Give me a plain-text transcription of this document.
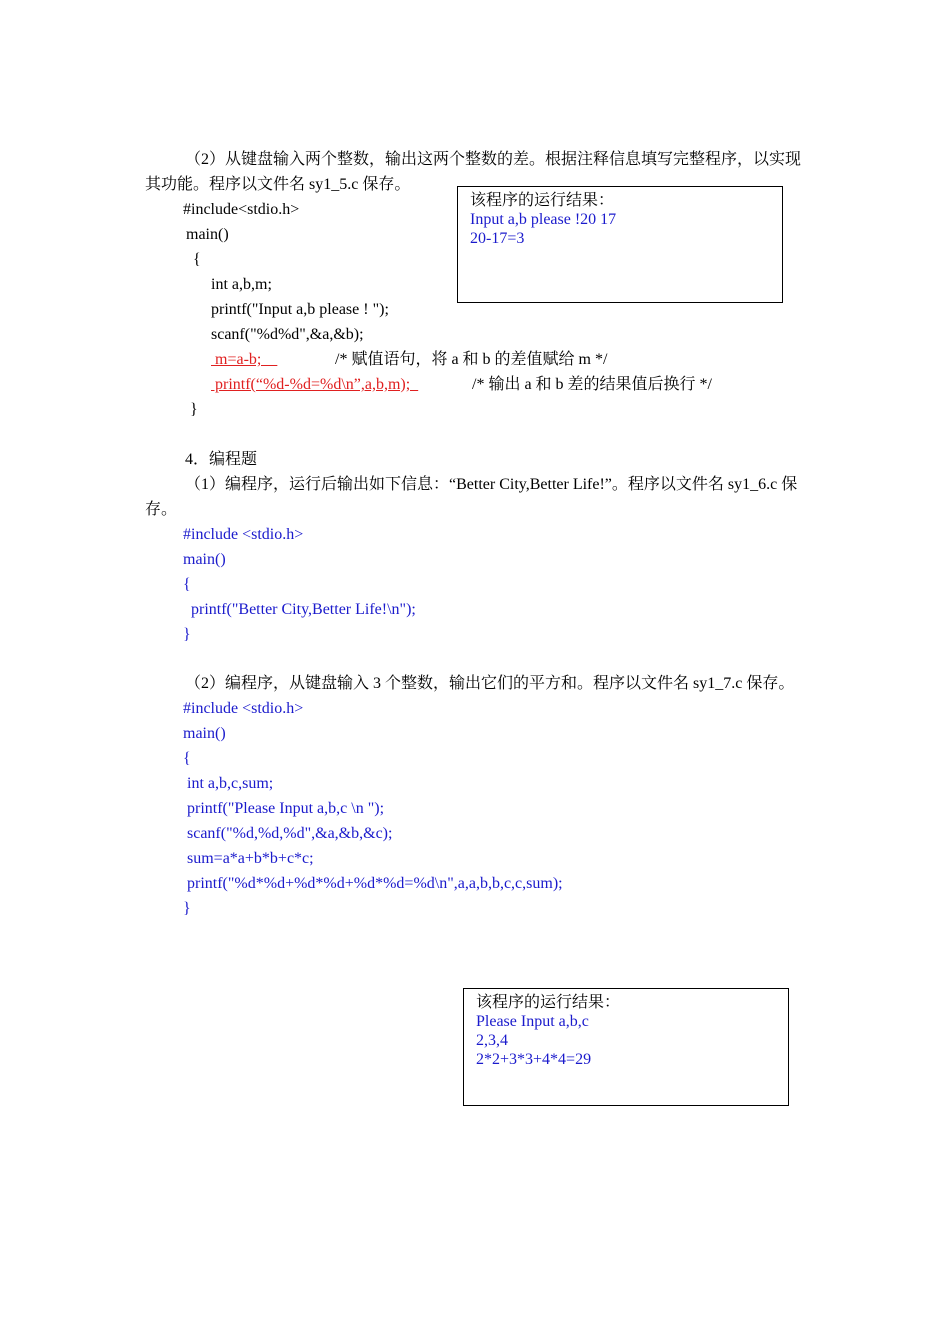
（2）从键盘输入两个整数，输出这两个整数的差。根据注释信息填写完整程序，以实现
其功能。程序以文件名 sy1_5.c 保存。
#include<stdio.h>
main()
{
int a,b,m;
printf("Input a,b please ! ");
scanf("%d%d",&a,&b);
m=a-b;	/* 赋值语句，将 a 和 b 的差值赋给 m */
printf(“%d-%d=%d\n”,a,b,m);	/* 输出 a 和 b 差的结果值后换行 */
}
该程序的运行结果：
Input a,b please !20 17
20-17=3
4．编程题
（1）编程序，运行后输出如下信息：“Better City,Better Life!”。程序以文件名 sy1_6.c 保
存。
#include <stdio.h>
main()
{
printf("Better City,Better Life!\n");
}
（2）编程序，从键盘输入 3 个整数，输出它们的平方和。程序以文件名 sy1_7.c 保存。
#include <stdio.h>
main()
{
int a,b,c,sum;
printf("Please Input a,b,c \n ");
scanf("%d,%d,%d",&a,&b,&c);
sum=a*a+b*b+c*c;
printf("%d*%d+%d*%d+%d*%d=%d\n",a,a,b,b,c,c,sum);
}
该程序的运行结果：
Please Input a,b,c
2,3,4
2*2+3*3+4*4=29
